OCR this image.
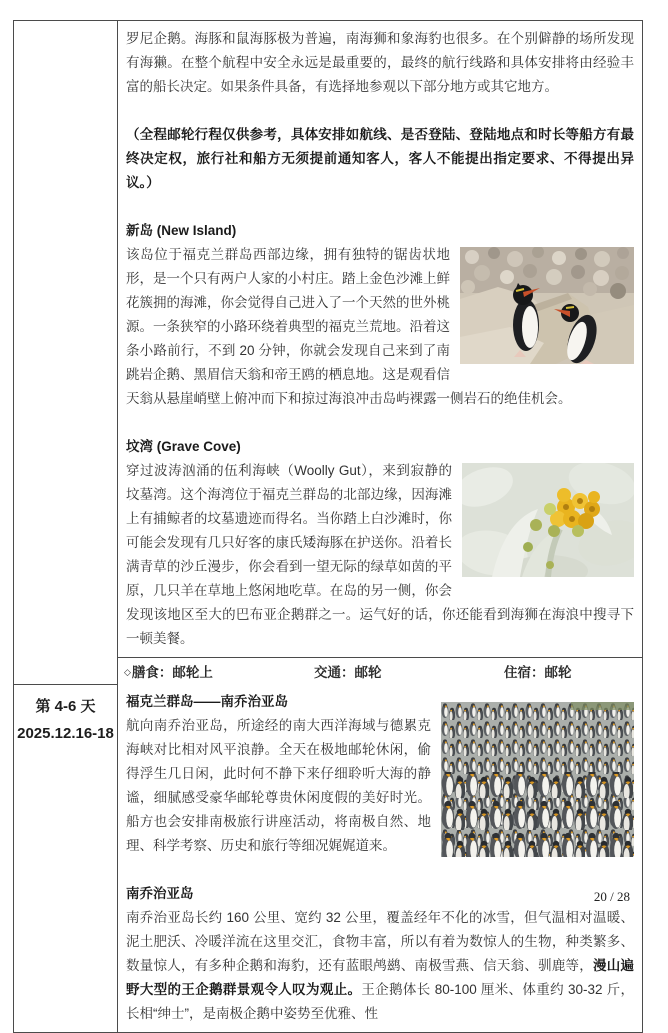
罗尼企鹅。海豚和鼠海豚极为普遍，南海狮和象海豹也很多。在个别僻静的场所发现有海獭。在整个航程中安全永远是最重要的，最终的航行线路和具体安排将由经验丰富的船长决定。如果条件具备，有选择地参观以下部分地方或其它地方。

（全程邮轮行程仅供参考，具体安排如航线、是否登陆、登陆地点和时长等船方有最终决定权，旅行社和船方无须提前通知客人，客人不能提出指定要求、不得提出异议。）

新岛 (New Island)

该岛位于福克兰群岛西部边缘，拥有独特的锯齿状地形，是一个只有两户人家的小村庄。踏上金色沙滩上鲜花簇拥的海滩，你会觉得自己进入了一个天然的世外桃源。一条狭窄的小路环绕着典型的福克兰荒地。沿着这条小路前行，不到 20 分钟，你就会发现自己来到了南跳岩企鹅、黑眉信天翁和帝王鸥的栖息地。这是观看信天翁从悬崖峭壁上俯冲而下和掠过海浪冲击岛屿裸露一侧岩石的绝佳机会。

坟湾 (Grave Cove)

穿过波涛汹涌的伍利海峡（Woolly Gut），来到寂静的坟墓湾。这个海湾位于福克兰群岛的北部边缘，因海滩上有捕鲸者的坟墓遗迹而得名。当你踏上白沙滩时，你可能会发现有几只好客的康氏矮海豚在护送你。沿着长满青草的沙丘漫步，你会看到一望无际的绿草如茵的平原，几只羊在草地上悠闲地吃草。在岛的另一侧，你会发现该地区至大的巴布亚企鹅群之一。运气好的话，你还能看到海狮在海浪中搜寻下一顿美餐。

◇膳食：邮轮上	交通：邮轮	住宿：邮轮
第 4-6 天
2025.12.16-18

福克兰群岛——南乔治亚岛

航向南乔治亚岛，所途经的南大西洋海域与德累克海峡对比相对风平浪静。全天在极地邮轮休闲，偷得浮生几日闲，此时何不静下来仔细聆听大海的静谧，细腻感受豪华邮轮尊贵休闲度假的美好时光。船方也会安排南极旅行讲座活动，将南极自然、地理、科学考察、历史和旅行等细况娓娓道来。

南乔治亚岛

南乔治亚岛长约 160 公里、宽约 32 公里，覆盖经年不化的冰雪，但气温相对温暖、泥土肥沃、冷暖洋流在这里交汇，食物丰富，所以有着为数惊人的生物，种类繁多、数量惊人，有多种企鹅和海豹，还有蓝眼鸬鹚、南极雪燕、信天翁、驯鹿等，漫山遍野大型的王企鹅群景观令人叹为观止。王企鹅体长 80-100 厘米、体重约 30-32 斤，长相“绅士”，是南极企鹅中姿势至优雅、性

20 / 28
